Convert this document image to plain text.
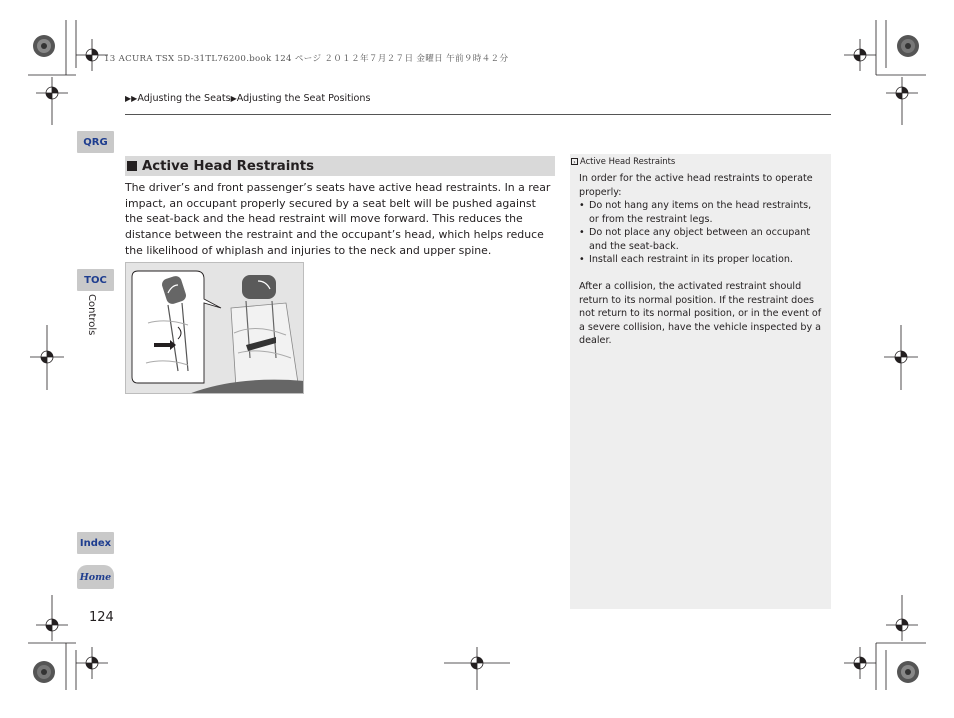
13 ACURA TSX 5D-31TL76200.book 124 ページ ２０１２年７月２７日 金曜日 午前９時４２分
▶▶Adjusting the Seats▶Adjusting the Seat Positions
QRG
TOC
Controls
Index
Home
Active Head Restraints
The driver’s and front passenger’s seats have active head restraints. In a rear impact, an occupant properly secured by a seat belt will be pushed against the seat-back and the head restraint will move forward. This reduces the distance between the restraint and the occupant’s head, which helps reduce the likelihood of whiplash and injuries to the neck and upper spine.
› Active Head Restraints

In order for the active head restraints to operate properly:

• Do not hang any items on the head restraints, or from the restraint legs.
• Do not place any object between an occupant and the seat-back.
• Install each restraint in its proper location.

After a collision, the activated restraint should return to its normal position. If the restraint does not return to its normal position, or in the event of a severe collision, have the vehicle inspected by a dealer.

124
